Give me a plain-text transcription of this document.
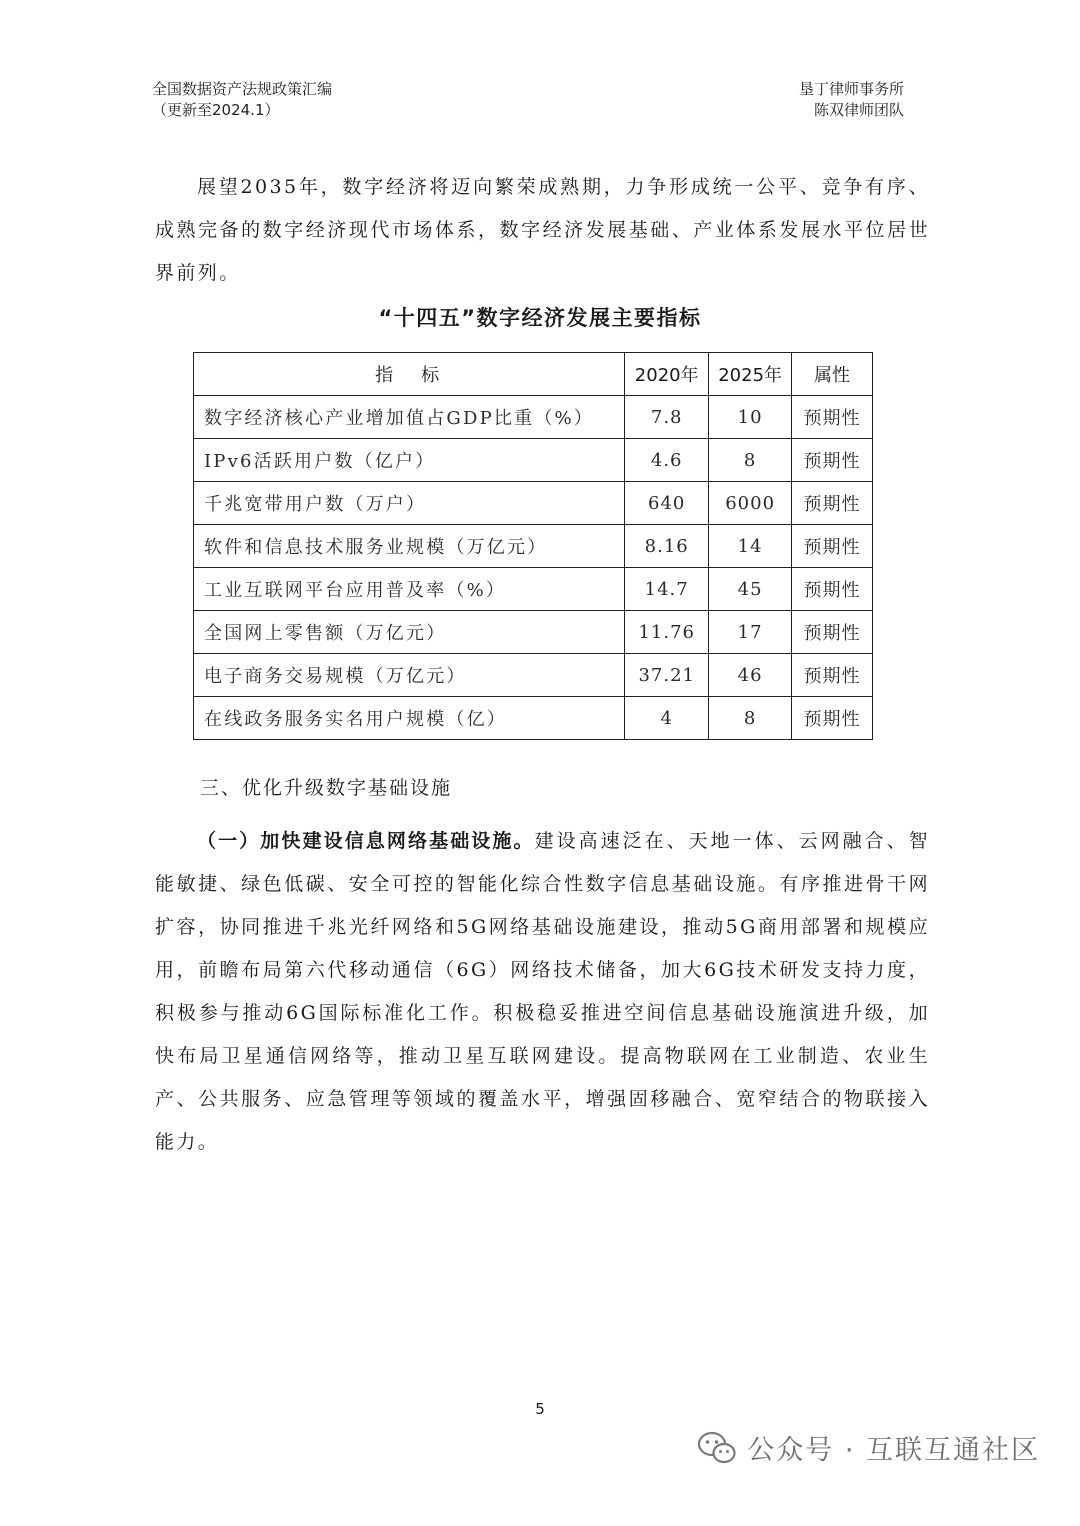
全国数据资产法规政策汇编
（更新至2024.1）
垦丁律师事务所
陈双律师团队
展望2035年，数字经济将迈向繁荣成熟期，力争形成统一公平、竞争有序、成熟完备的数字经济现代市场体系，数字经济发展基础、产业体系发展水平位居世界前列。
“十四五”数字经济发展主要指标
指标	2020年	2025年	属性
数字经济核心产业增加值占GDP比重（%）	7.8	10	预期性
IPv6活跃用户数（亿户）	4.6	8	预期性
千兆宽带用户数（万户）	640	6000	预期性
软件和信息技术服务业规模（万亿元）	8.16	14	预期性
工业互联网平台应用普及率（%）	14.7	45	预期性
全国网上零售额（万亿元）	11.76	17	预期性
电子商务交易规模（万亿元）	37.21	46	预期性
在线政务服务实名用户规模（亿）	4	8	预期性
三、优化升级数字基础设施
（一）加快建设信息网络基础设施。建设高速泛在、天地一体、云网融合、智能敏捷、绿色低碳、安全可控的智能化综合性数字信息基础设施。有序推进骨干网扩容，协同推进千兆光纤网络和5G网络基础设施建设，推动5G商用部署和规模应用，前瞻布局第六代移动通信（6G）网络技术储备，加大6G技术研发支持力度，积极参与推动6G国际标准化工作。积极稳妥推进空间信息基础设施演进升级，加快布局卫星通信网络等，推动卫星互联网建设。提高物联网在工业制造、农业生产、公共服务、应急管理等领域的覆盖水平，增强固移融合、宽窄结合的物联接入能力。
5
公众号 · 互联互通社区
